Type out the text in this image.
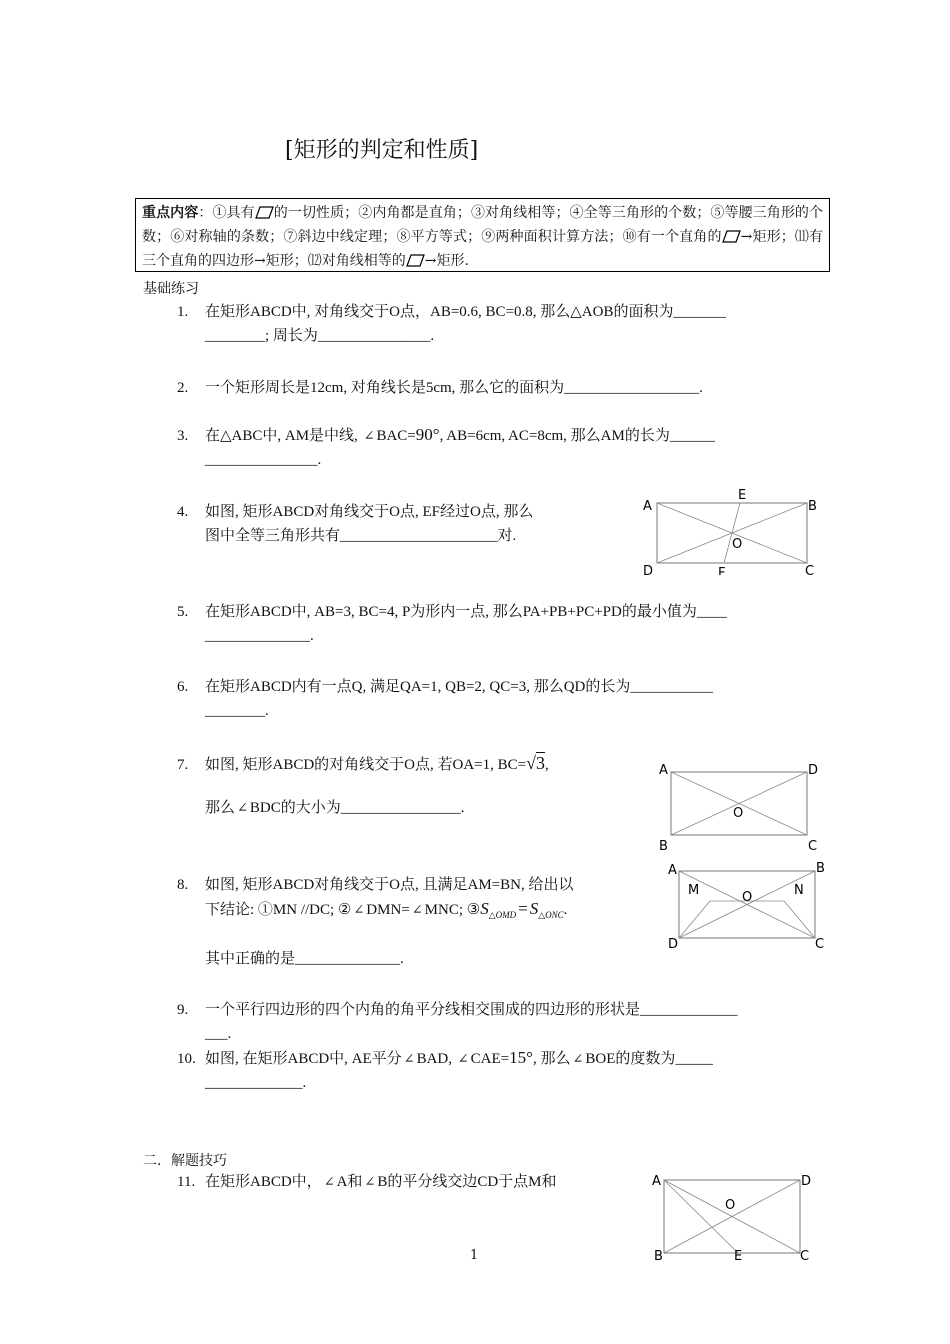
[矩形的判定和性质]
重点内容：①具有 的一切性质；②内角都是直角；③对角线相等；④全等三角形的个数；⑤等腰三角形的个数；⑥对称轴的条数；⑦斜边中线定理；⑧平方等式；⑨两种面积计算方法；⑩有一个直角的 →矩形；⑾有三个直角的四边形→矩形；⑿对角线相等的 →矩形.
基础练习
1. 在矩形ABCD中, 对角线交于O点，AB=0.6, BC=0.8, 那么△AOB的面积为_______
________; 周长为_______________.
2. 一个矩形周长是12cm, 对角线长是5cm, 那么它的面积为__________________.
3. 在△ABC中, AM是中线, ∠ BAC=90°, AB=6cm, AC=8cm, 那么AM的长为______
_______________.
4. 如图, 矩形ABCD对角线交于O点, EF经过O点, 那么
图中全等三角形共有_____________________对.
A
E
B
O
D	F	C
5. 在矩形ABCD中, AB=3, BC=4, P为形内一点, 那么PA+PB+PC+PD的最小值为____
______________.
6. 在矩形ABCD内有一点Q, 满足QA=1, QB=2, QC=3, 那么QD的长为___________
________.
7. 如图, 矩形ABCD的对角线交于O点, 若OA=1, BC=√3,
那么 ∠ BDC的大小为________________.
A	D
O
B	C
8. 如图, 矩形ABCD对角线交于O点, 且满足AM=BN, 给出以
下结论: ①MN //DC; ② ∠ DMN= ∠ MNC; $③S_{\triangle OMD} = S_{\triangle ONC}$.
其中正确的是______________.
A	B
M	O	N
D	C
9. 一个平行四边形的四个内角的角平分线相交围成的四边形的形状是_____________
___.
10. 如图, 在矩形ABCD中, AE平分 ∠ BAD, ∠ CAE=15°, 那么 ∠ BOE的度数为_____
_____________.
二．解题技巧
11. 在矩形ABCD中， ∠ A和 ∠ B的平分线交边CD于点M和	A	D
O
B	E	C
1
